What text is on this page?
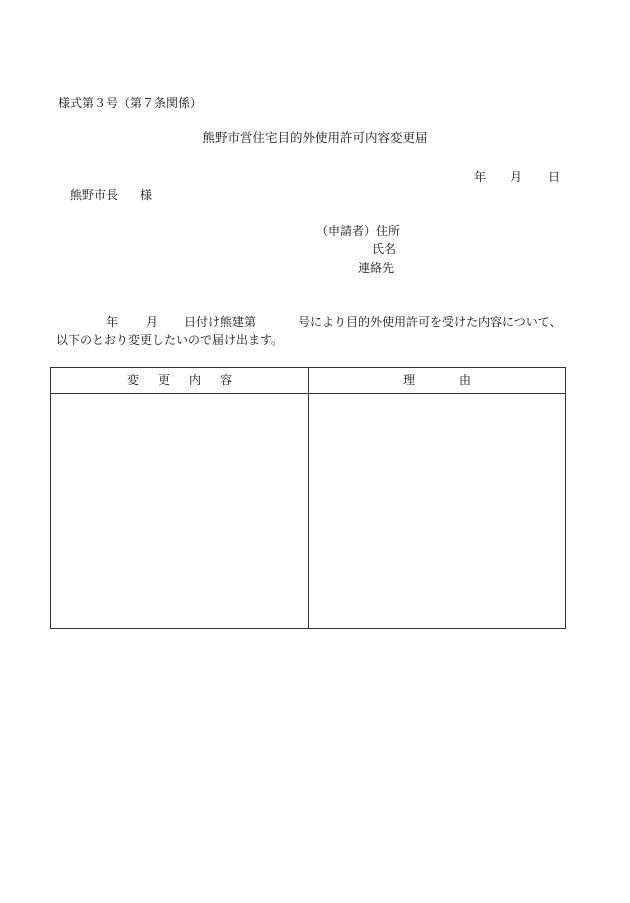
様式第３号（第７条関係）
熊野市営住宅目的外使用許可内容変更届
年 月 日
熊野市長 様
（申請者）住所
氏名
連絡先
年 月 日付け熊建第	号により目的外使用許可を受けた内容について、
以下のとおり変更したいので届け出ます。
変更内容	理由
